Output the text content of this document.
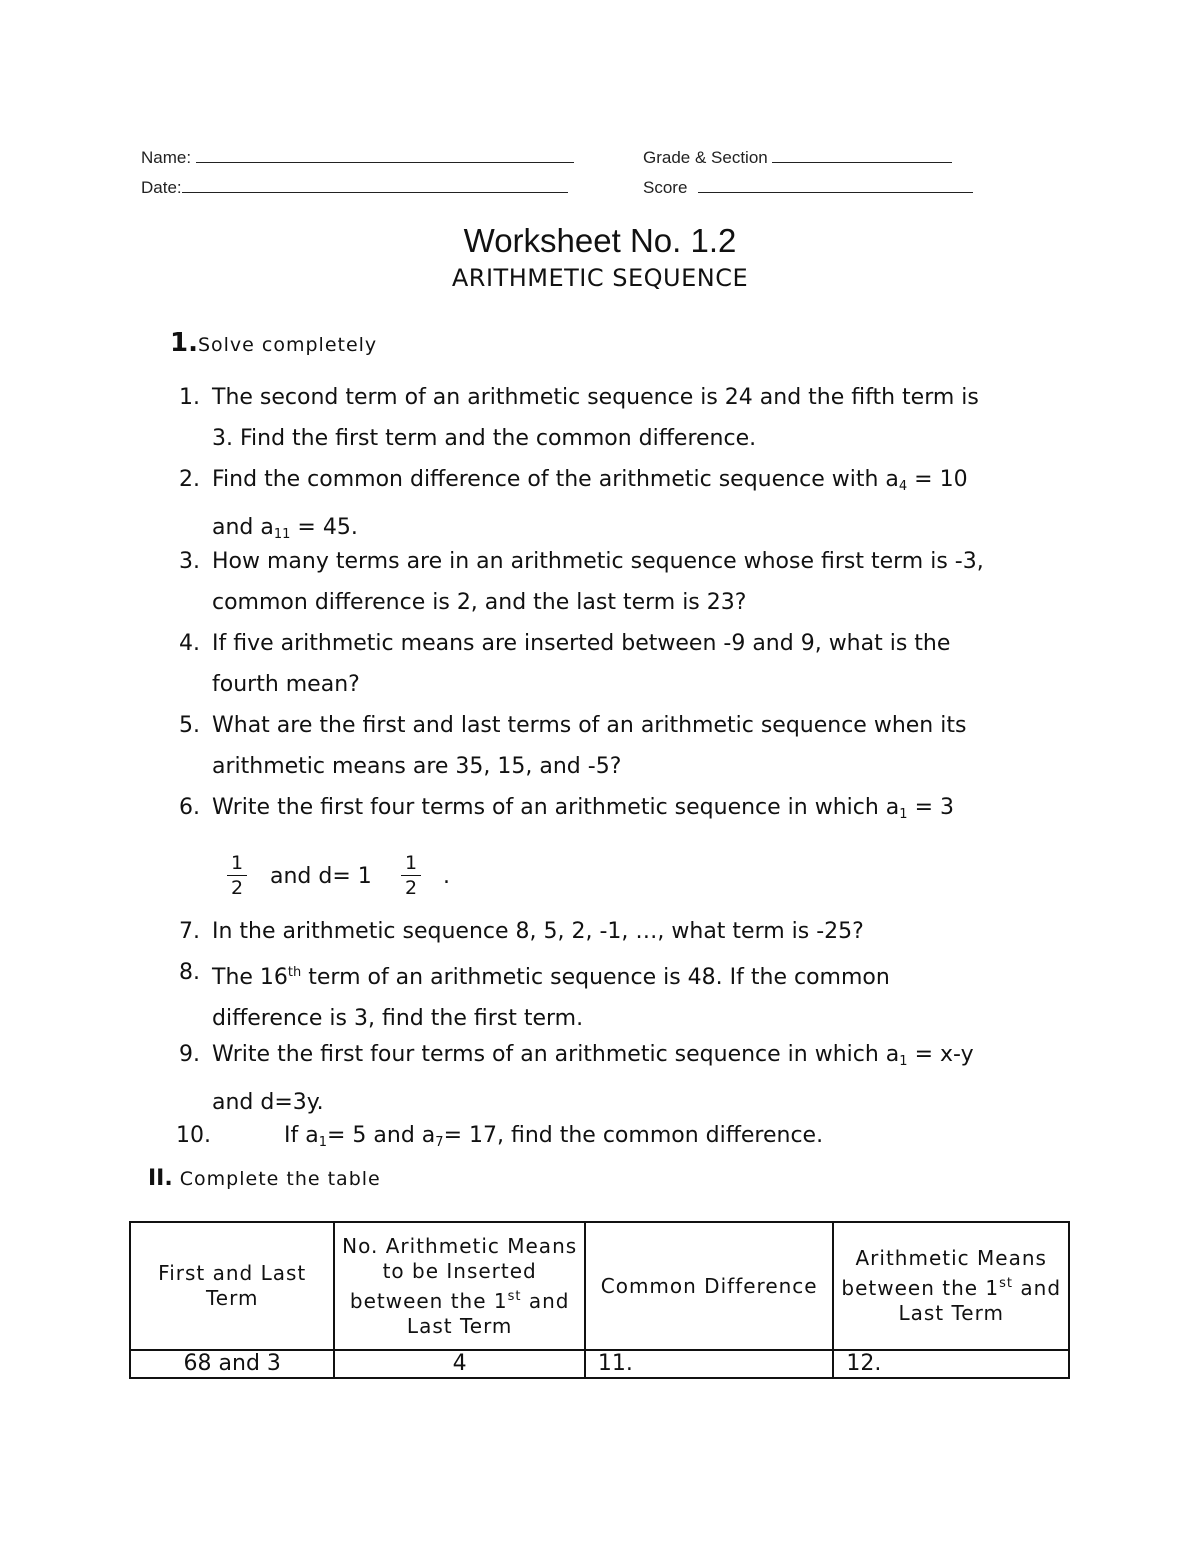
Name:
Date:
Grade & Section
Score
Worksheet No. 1.2
ARITHMETIC SEQUENCE
1.Solve completely
1. The second term of an arithmetic sequence is 24 and the fifth term is
3. Find the first term and the common difference.
2. Find the common difference of the arithmetic sequence with $a_4 = 10$
and $a_{11} = 45$.
3. How many terms are in an arithmetic sequence whose first term is -3,
common difference is 2, and the last term is 23?
4. If five arithmetic means are inserted between -9 and 9, what is the
fourth mean?
5. What are the first and last terms of an arithmetic sequence when its
arithmetic means are 35, 15, and -5?
6. Write the first four terms of an arithmetic sequence in which $a_1 = 3$
1
2 and d= 1
1
2 .
7. In the arithmetic sequence 8, 5, 2, -1, …, what term is -25?
8. The 16th term of an arithmetic sequence is 48. If the common
difference is 3, find the first term.
9. Write the first four terms of an arithmetic sequence in which $a_1 = x-y$
and d=3y.
10.	If $a_1= 5$ and $a_7= 17$, find the common difference.
II. Complete the table
First and Last Term	No. Arithmetic Means to be Inserted between the 1st and Last Term	Common Difference	Arithmetic Means between the 1st and Last Term
68 and 3	4	11.	12.
